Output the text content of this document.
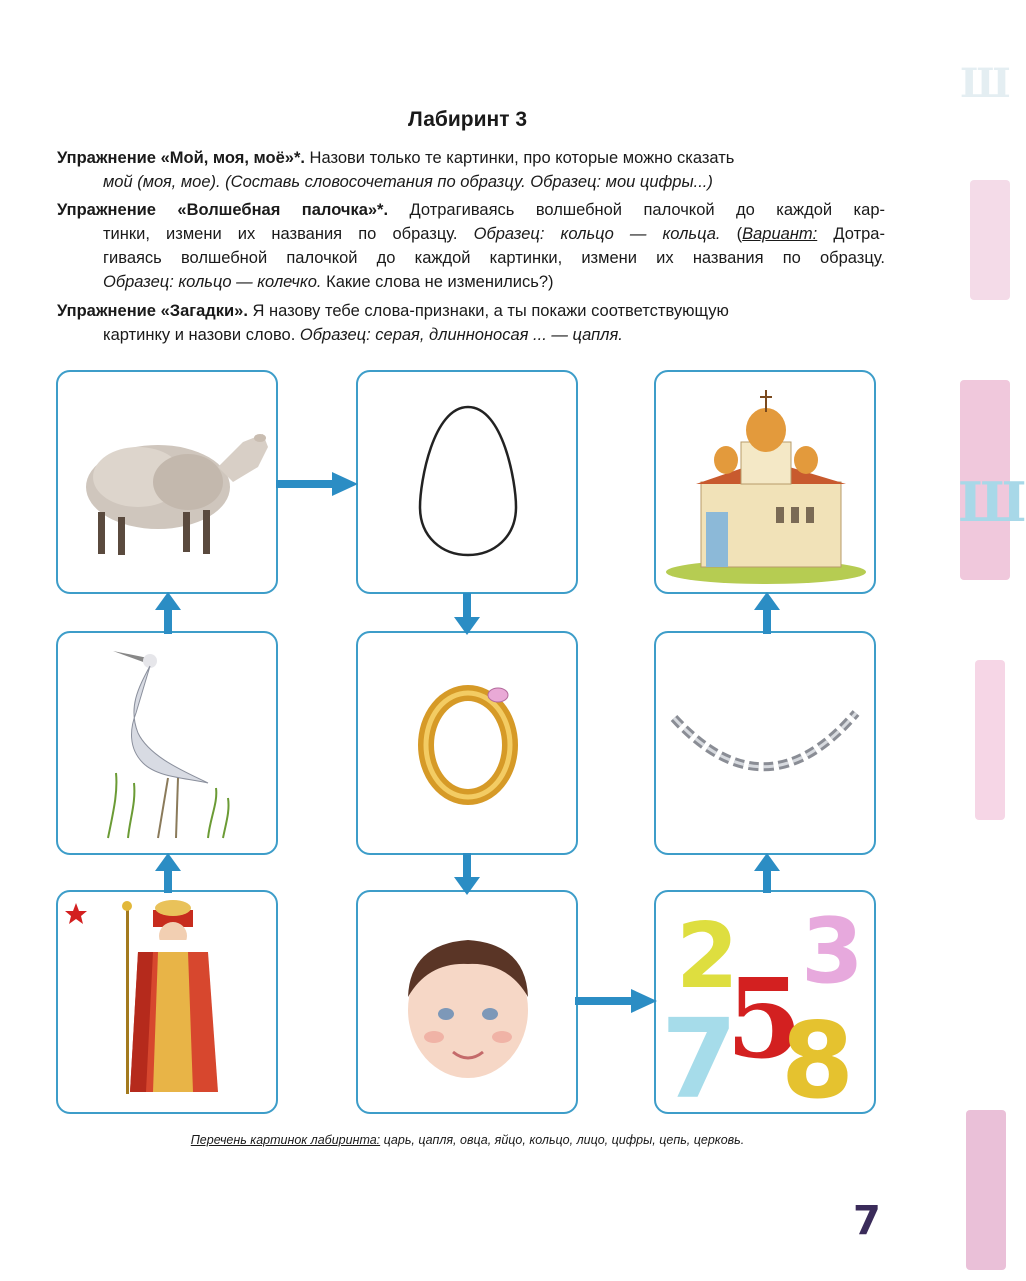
Ш
Ш
Лабиринт 3
Упражнение «Мой, моя, моё»*. Назови только те картинки, про которые можно сказать
мой (моя, мое). (Составь словосочетания по образцу. Образец: мои цифры...)
Упражнение «Волшебная палочка»*. Дотрагиваясь волшебной палочкой до каждой кар-
тинки, измени их названия по образцу. Образец: кольцо — кольца. (Вариант: Дотра-
гиваясь волшебной палочкой до каждой картинки, измени их названия по образцу.
Образец: кольцо — колечко. Какие слова не изменились?)
Упражнение «Загадки». Я назову тебе слова-признаки, а ты покажи соответствующую
картинку и назови слово. Образец: серая, длинноносая ... — цапля.
2 3
7
5
8
Перечень картинок лабиринта: царь, цапля, овца, яйцо, кольцо, лицо, цифры, цепь, церковь.
7
